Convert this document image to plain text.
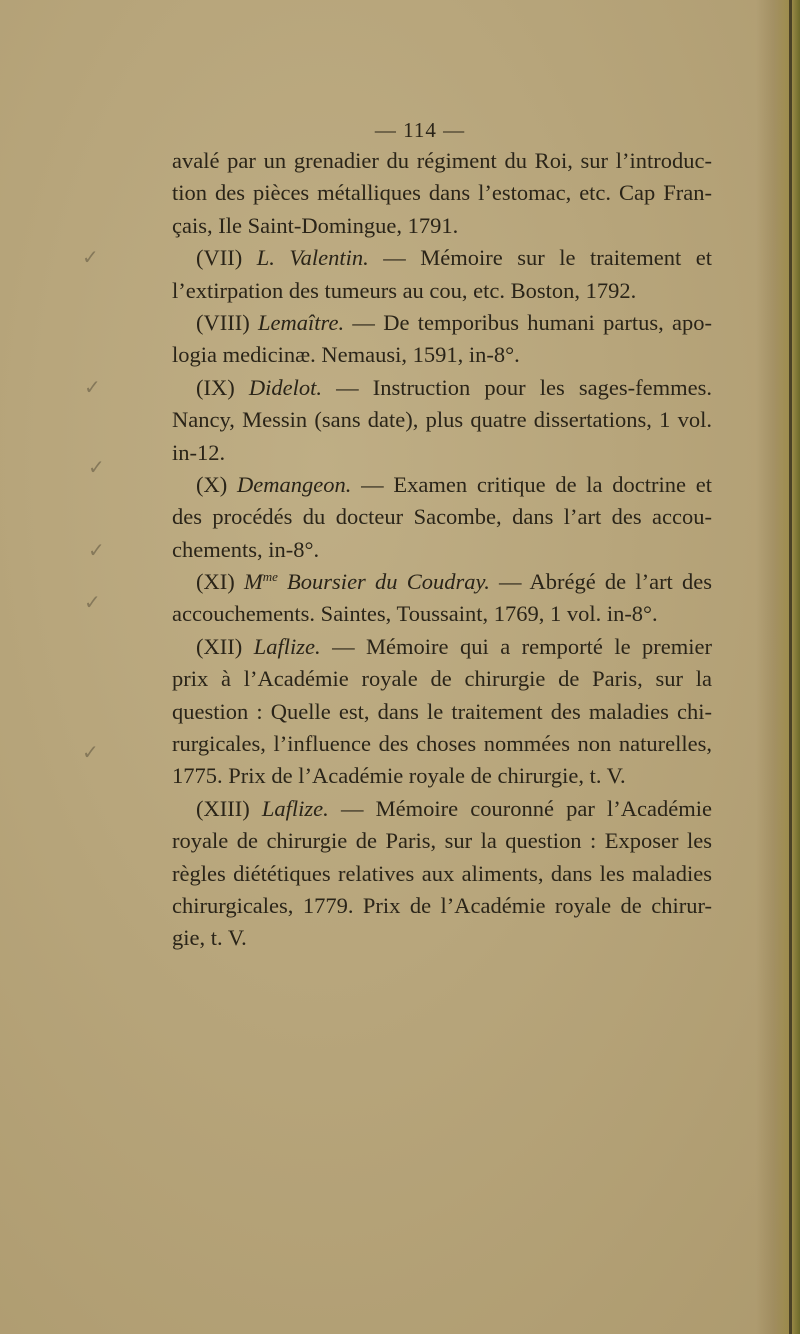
✓
✓
✓
✓
✓
✓
— 114 —
avalé par un grenadier du régiment du Roi, sur l’introduc-
tion des pièces métalliques dans l’estomac, etc. Cap Fran-
çais, Ile Saint-Domingue, 1791.
(VII) L. Valentin. — Mémoire sur le traitement et
l’extirpation des tumeurs au cou, etc. Boston, 1792.
(VIII) Lemaître. — De temporibus humani partus, apo-
logia medicinæ. Nemausi, 1591, in-8°.
(IX) Didelot. — Instruction pour les sages-femmes.
Nancy, Messin (sans date), plus quatre dissertations, 1 vol.
in-12.
(X) Demangeon. — Examen critique de la doctrine et
des procédés du docteur Sacombe, dans l’art des accou-
chements, in-8°.
(XI) $M^{me}$ Boursier du Coudray. — Abrégé de l’art des
accouchements. Saintes, Toussaint, 1769, 1 vol. in-8°.
(XII) Laflize. — Mémoire qui a remporté le premier
prix à l’Académie royale de chirurgie de Paris, sur la
question : Quelle est, dans le traitement des maladies chi-
rurgicales, l’influence des choses nommées non naturelles,
1775. Prix de l’Académie royale de chirurgie, t. V.
(XIII) Laflize. — Mémoire couronné par l’Académie
royale de chirurgie de Paris, sur la question : Exposer les
règles diététiques relatives aux aliments, dans les maladies
chirurgicales, 1779. Prix de l’Académie royale de chirur-
gie, t. V.
